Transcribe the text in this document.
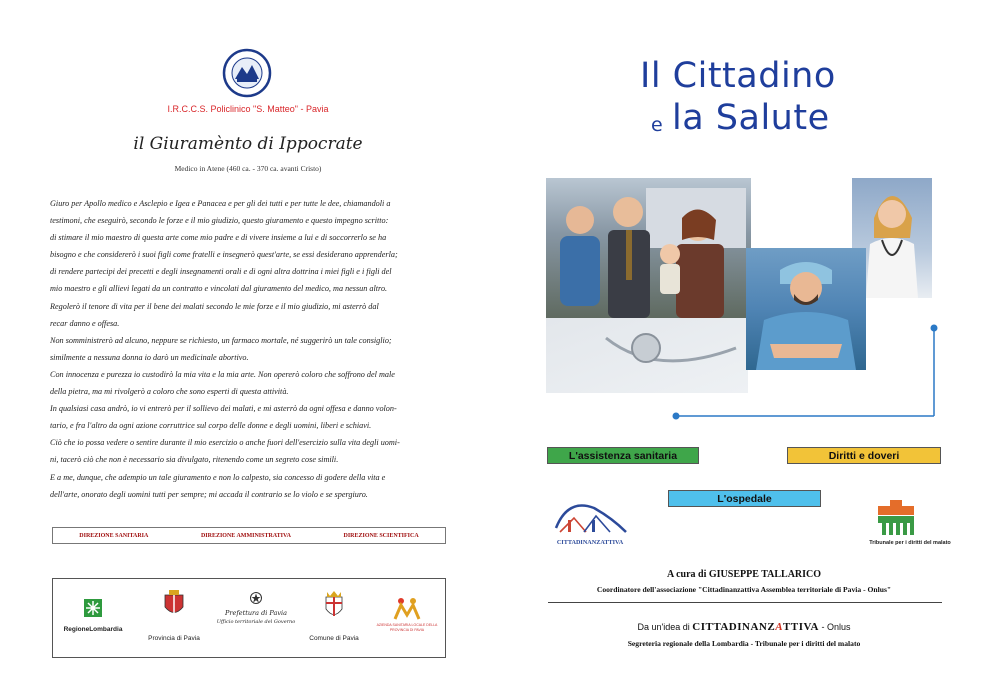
I.R.C.C.S. Policlinico "S. Matteo" - Pavia
il Giuramènto di Ippocrate
Medico in Atene (460 ca. - 370 ca. avanti Cristo)
Giuro per Apollo medico e Asclepio e Igea e Panacea e per gli dei tutti e per tutte le dee, chiamandoli a
testimoni, che eseguirò, secondo le forze e il mio giudizio, questo giuramento e questo impegno scritto:
di stimare il mio maestro di questa arte come mio padre e di vivere insieme a lui e di soccorrerlo se ha
bisogno e che considererò i suoi figli come fratelli e insegnerò quest'arte, se essi desiderano apprenderla;
di rendere partecipi dei precetti e degli insegnamenti orali e di ogni altra dottrina i miei figli e i figli del
mio maestro e gli allievi legati da un contratto e vincolati dal giuramento del medico, ma nessun altro.
Regolerò il tenore di vita per il bene dei malati secondo le mie forze e il mio giudizio, mi asterrò dal
recar danno e offesa.
Non somministrerò ad alcuno, neppure se richiesto, un farmaco mortale, né suggerirò un tale consiglio;
similmente a nessuna donna io darò un medicinale abortivo.
Con innocenza e purezza io custodirò la mia vita e la mia arte. Non opererò coloro che soffrono del male
della pietra, ma mi rivolgerò a coloro che sono esperti di questa attività.
In qualsiasi casa andrò, io vi entrerò per il sollievo dei malati, e mi asterrò da ogni offesa e danno volon-
tario, e fra l'altro da ogni azione corruttrice sul corpo delle donne e degli uomini, liberi e schiavi.
Ciò che io possa vedere o sentire durante il mio esercizio o anche fuori dell'esercizio sulla vita degli uomi-
ni, tacerò ciò che non è necessario sia divulgato, ritenendo come un segreto cose simili.
E a me, dunque, che adempio un tale giuramento e non lo calpesto, sia concesso di godere della vita e
dell'arte, onorato degli uomini tutti per sempre; mi accada il contrario se lo violo e se spergiuro.
DIREZIONE SANITARIA	DIREZIONE AMMINISTRATIVA	DIREZIONE SCIENTIFICA
RegioneLombardia
Provincia di Pavia
Prefettura di Pavia
Ufficio territoriale del Governo
Comune di Pavia
AZIENDA SANITARIA LOCALE DELLA PROVINCIA DI PAVIA
Il Cittadino
e la Salute
L'assistenza sanitaria	Diritti e doveri
L'ospedale
CITTADINANZATTIVA	Tribunale per i diritti del malato
A cura di GIUSEPPE TALLARICO
Coordinatore dell'associazione "Cittadinanzattiva Assemblea territoriale di Pavia - Onlus"
Da un'idea di CITTADINANZATTIVA - Onlus
Segreteria regionale della Lombardia - Tribunale per i diritti del malato
